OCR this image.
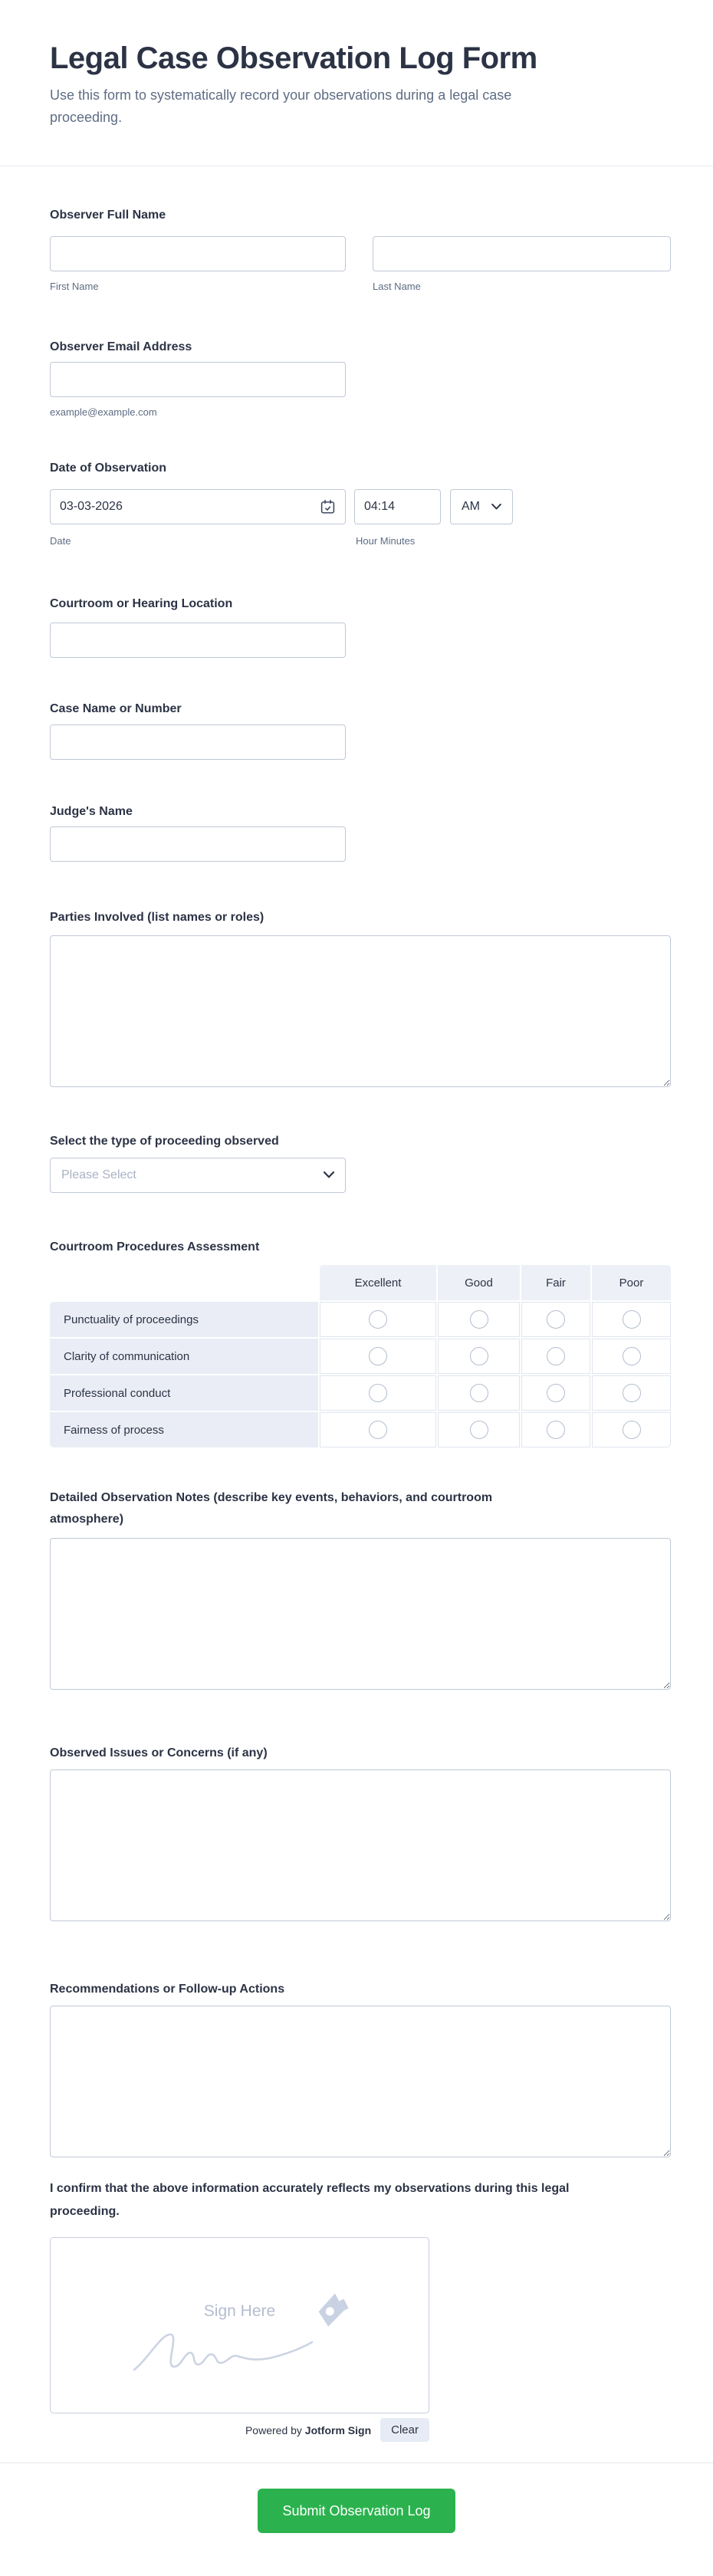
Legal Case Observation Log Form

Use this form to systematically record your observations during a legal case proceeding.

Observer Full Name
First Name	Last Name
Observer Email Address
example@example.com
Date of Observation
03-03-2026
04:14
AM
Date	Hour Minutes
Courtroom or Hearing Location
Case Name or Number
Judge's Name
Parties Involved (list names or roles)
Select the type of proceeding observed
Please Select
Courtroom Procedures Assessment
Excellent	Good	Fair	Poor
Punctuality of proceedings
Clarity of communication
Professional conduct
Fairness of process
Detailed Observation Notes (describe key events, behaviors, and courtroom atmosphere)
Observed Issues or Concerns (if any)
Recommendations or Follow-up Actions
I confirm that the above information accurately reflects my observations during this legal proceeding.
Sign Here
Powered by Jotform Sign	Clear
Submit Observation Log
